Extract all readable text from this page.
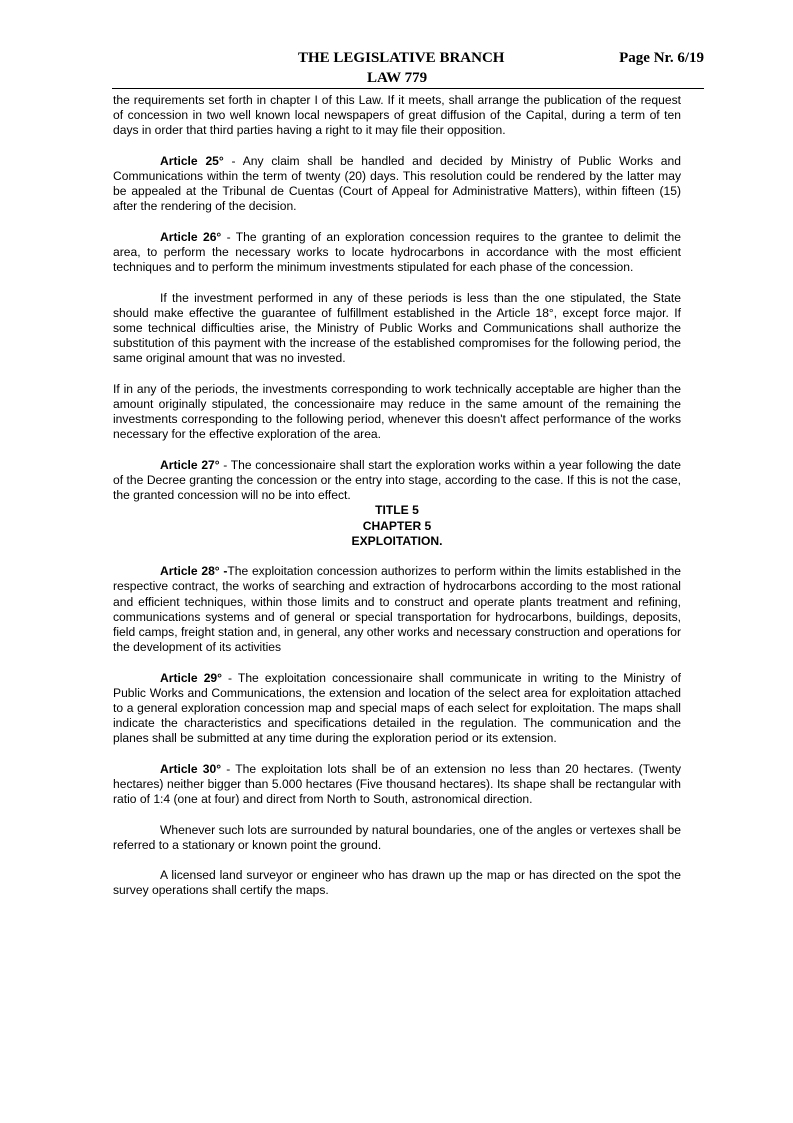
THE LEGISLATIVE BRANCH
LAW 779
Page Nr. 6/19

the requirements set forth in chapter I of this Law. If it meets, shall arrange the publication of the request of concession in two well known local newspapers of great diffusion of the Capital, during a term of ten days in order that third parties having a right to it may file their opposition.

Article 25° - Any claim shall be handled and decided by Ministry of Public Works and Communications within the term of twenty (20) days. This resolution could be rendered by the latter may be appealed at the Tribunal de Cuentas (Court of Appeal for Administrative Matters), within fifteen (15) after the rendering of the decision.

Article 26° - The granting of an exploration concession requires to the grantee to delimit the area, to perform the necessary works to locate hydrocarbons in accordance with the most efficient techniques and to perform the minimum investments stipulated for each phase of the concession.

If the investment performed in any of these periods is less than the one stipulated, the State should make effective the guarantee of fulfillment established in the Article 18°, except force major. If some technical difficulties arise, the Ministry of Public Works and Communications shall authorize the substitution of this payment with the increase of the established compromises for the following period, the same original amount that was no invested.

If in any of the periods, the investments corresponding to work technically acceptable are higher than the amount originally stipulated, the concessionaire may reduce in the same amount of the remaining the investments corresponding to the following period, whenever this doesn't affect performance of the works necessary for the effective exploration of the area.

Article 27° - The concessionaire shall start the exploration works within a year following the date of the Decree granting the concession or the entry into stage, according to the case. If this is not the case, the granted concession will no be into effect.

TITLE 5

CHAPTER 5

EXPLOITATION.

Article 28° -The exploitation concession authorizes to perform within the limits established in the respective contract, the works of searching and extraction of hydrocarbons according to the most rational and efficient techniques, within those limits and to construct and operate plants treatment and refining, communications systems and of general or special transportation for hydrocarbons, buildings, deposits, field camps, freight station and, in general, any other works and necessary construction and operations for the development of its activities

Article 29° - The exploitation concessionaire shall communicate in writing to the Ministry of Public Works and Communications, the extension and location of the select area for exploitation attached to a general exploration concession map and special maps of each select for exploitation. The maps shall indicate the characteristics and specifications detailed in the regulation. The communication and the planes shall be submitted at any time during the exploration period or its extension.

Article 30° - The exploitation lots shall be of an extension no less than 20 hectares. (Twenty hectares) neither bigger than 5.000 hectares (Five thousand hectares). Its shape shall be rectangular with ratio of 1:4 (one at four) and direct from North to South, astronomical direction.

Whenever such lots are surrounded by natural boundaries, one of the angles or vertexes shall be referred to a stationary or known point the ground.

A licensed land surveyor or engineer who has drawn up the map or has directed on the spot the survey operations shall certify the maps.
